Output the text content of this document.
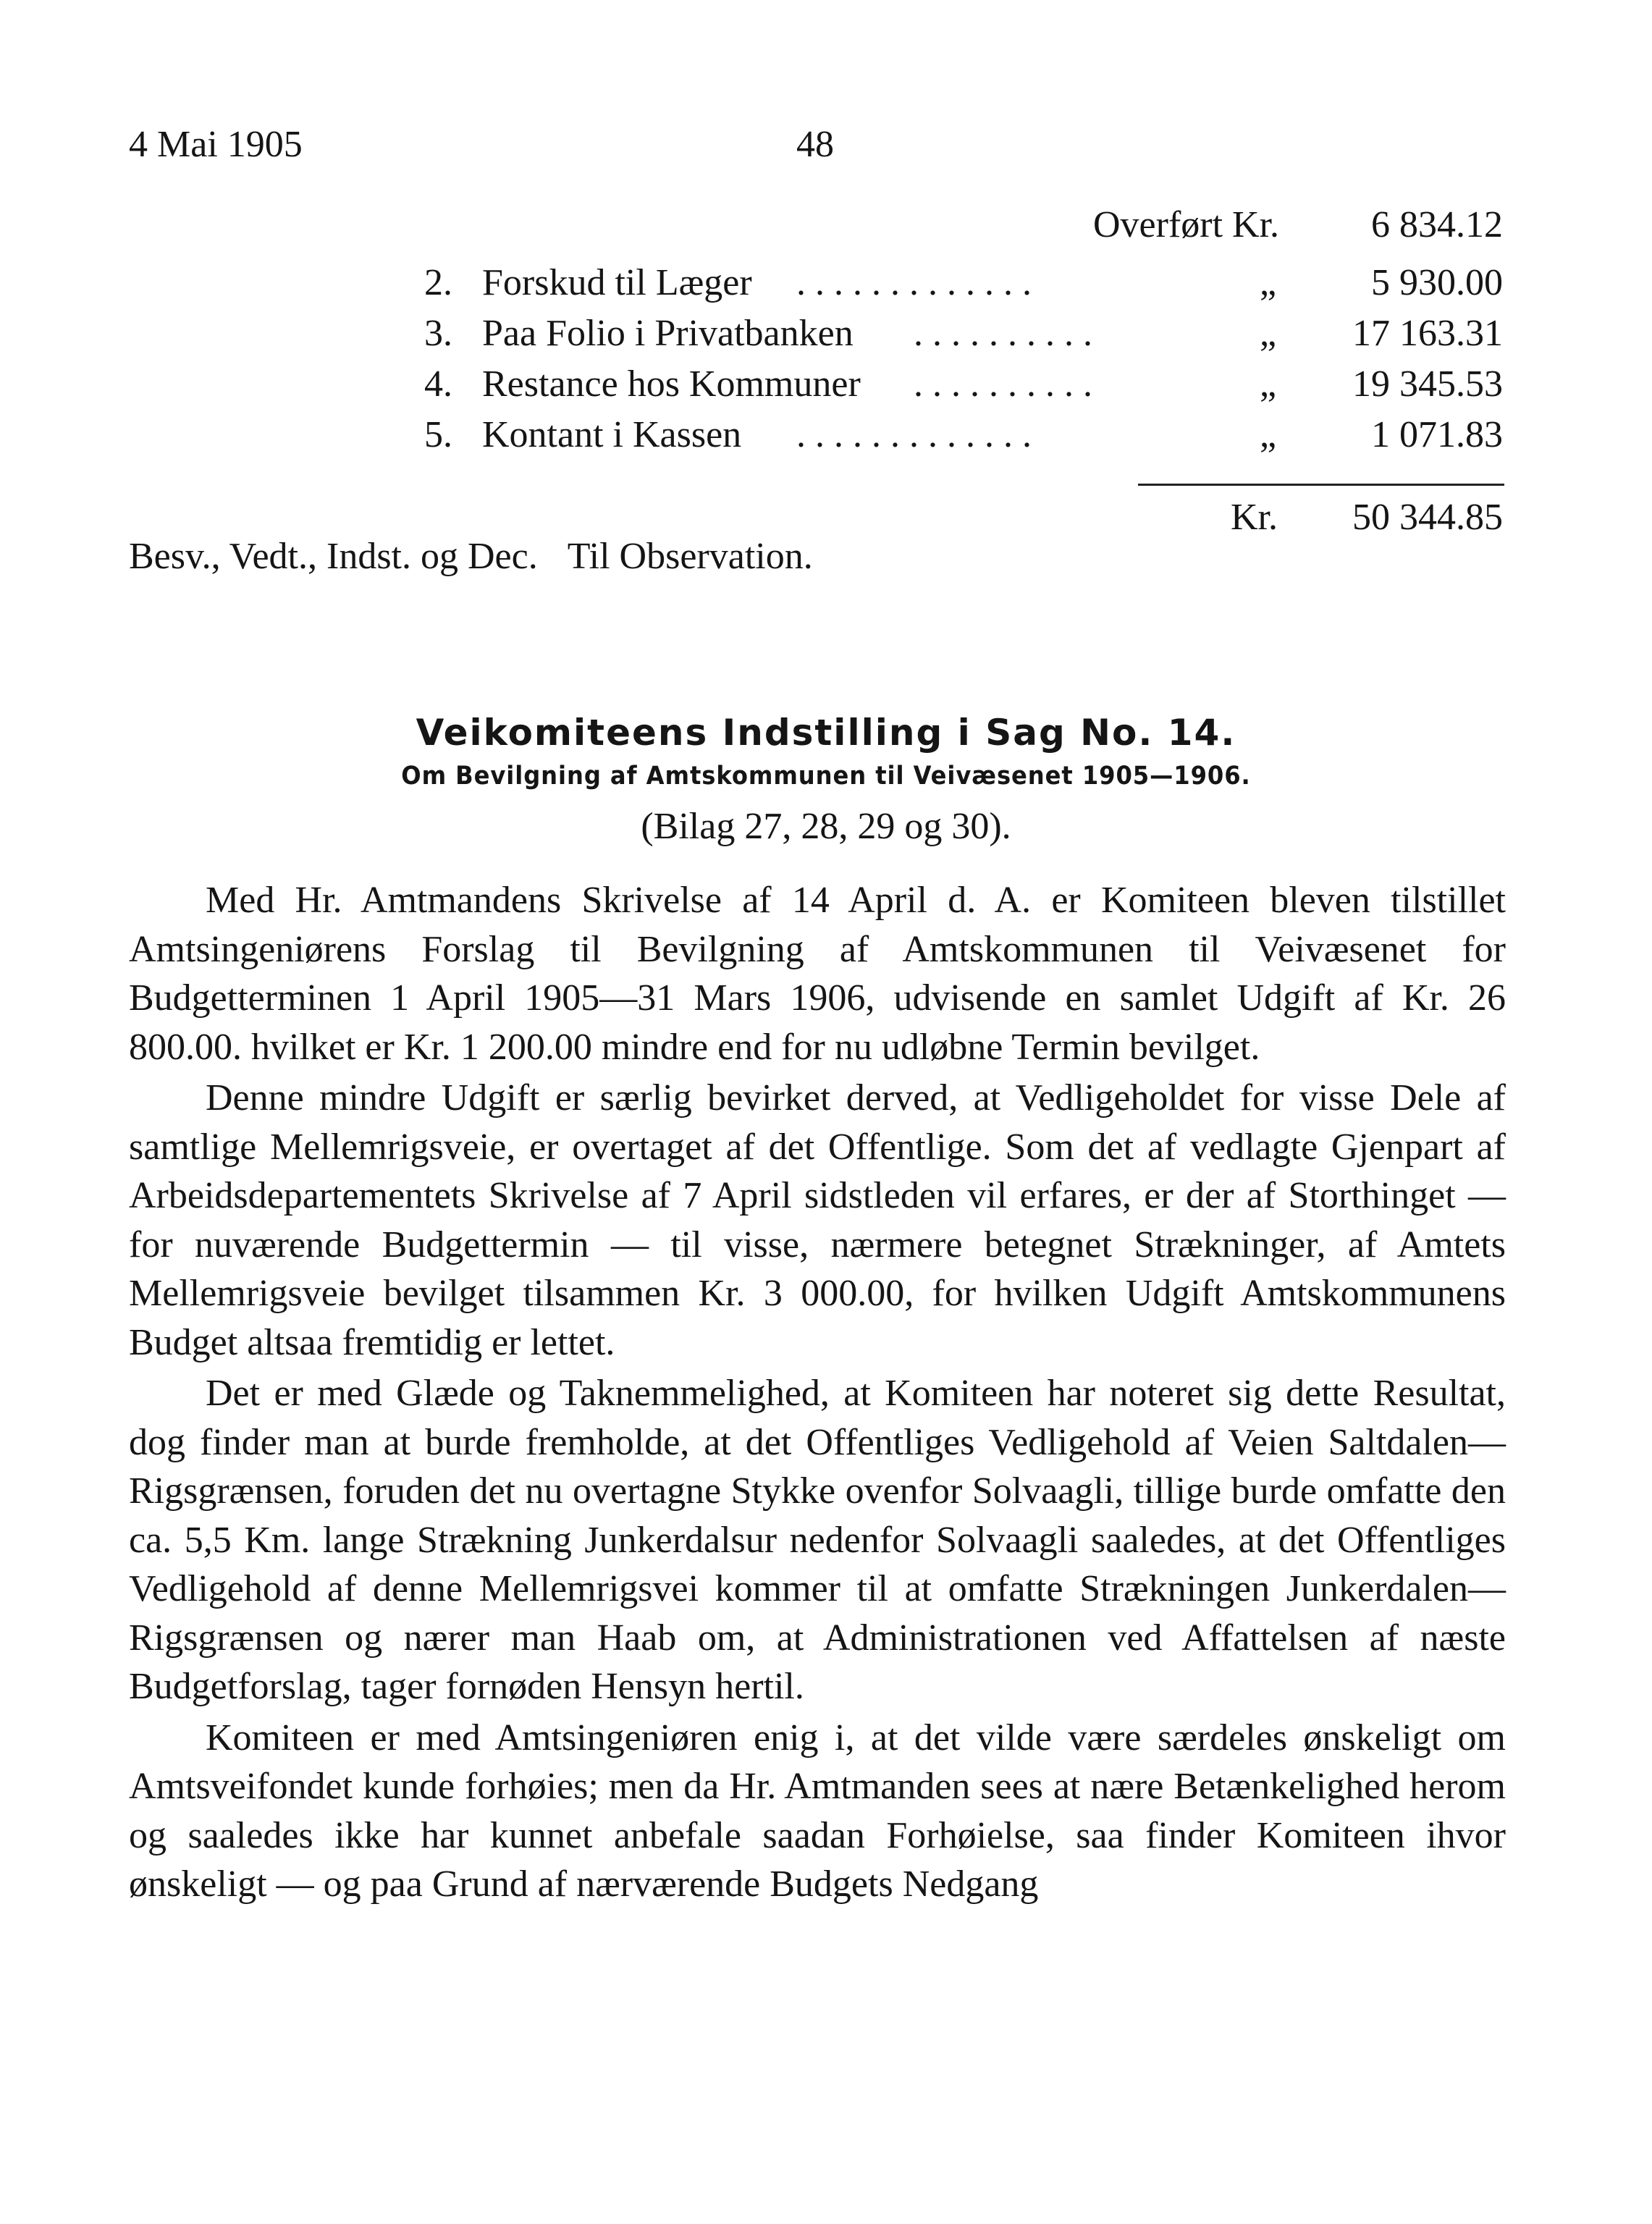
4 Mai 1905	48
Overført Kr. 6 834.12
2. Forskud til Læger .............	„	5 930.00
3. Paa Folio i Privatbanken ..........	„ 17 163.31
4. Restance hos Kommuner ..........	„ 19 345.53
5. Kontant i Kassen .............	„	1 071.83
Kr. 50 344.85
Besv., Vedt., Indst. og Dec. Til Observation.
Veikomiteens Indstilling i Sag No. 14.
Om Bevilgning af Amtskommunen til Veivæsenet 1905—1906.
(Bilag 27, 28, 29 og 30).

Med Hr. Amtmandens Skrivelse af 14 April d. A. er Komiteen bleven tilstillet Amtsingeniørens Forslag til Bevilgning af Amtskommunen til Veivæsenet for Budgetterminen 1 April 1905—31 Mars 1906, udvisende en samlet Udgift af Kr. 26 800.00. hvilket er Kr. 1 200.00 mindre end for nu udløbne Termin bevilget.

Denne mindre Udgift er særlig bevirket derved, at Vedligeholdet for visse Dele af samtlige Mellemrigsveie, er overtaget af det Offentlige. Som det af vedlagte Gjenpart af Arbeidsdepartementets Skrivelse af 7 April sidstleden vil erfares, er der af Storthinget — for nuværende Budgettermin — til visse, nærmere betegnet Strækninger, af Amtets Mellemrigsveie bevilget tilsammen Kr. 3 000.00, for hvilken Udgift Amtskommunens Budget altsaa fremtidig er lettet.

Det er med Glæde og Taknemmelighed, at Komiteen har noteret sig dette Resultat, dog finder man at burde fremholde, at det Offentliges Vedligehold af Veien Saltdalen—Rigsgrænsen, foruden det nu overtagne Stykke ovenfor Solvaagli, tillige burde omfatte den ca. 5,5 Km. lange Strækning Junkerdalsur nedenfor Solvaagli saaledes, at det Offentliges Vedligehold af denne Mellemrigsvei kommer til at omfatte Strækningen Junkerdalen—Rigsgrænsen og nærer man Haab om, at Administrationen ved Affattelsen af næste Budgetforslag, tager fornøden Hensyn hertil.

Komiteen er med Amtsingeniøren enig i, at det vilde være særdeles ønskeligt om Amtsveifondet kunde forhøies; men da Hr. Amtmanden sees at nære Betænkelighed herom og saaledes ikke har kunnet anbefale saadan Forhøielse, saa finder Komiteen ihvor ønskeligt — og paa Grund af nærværende Budgets Nedgang
